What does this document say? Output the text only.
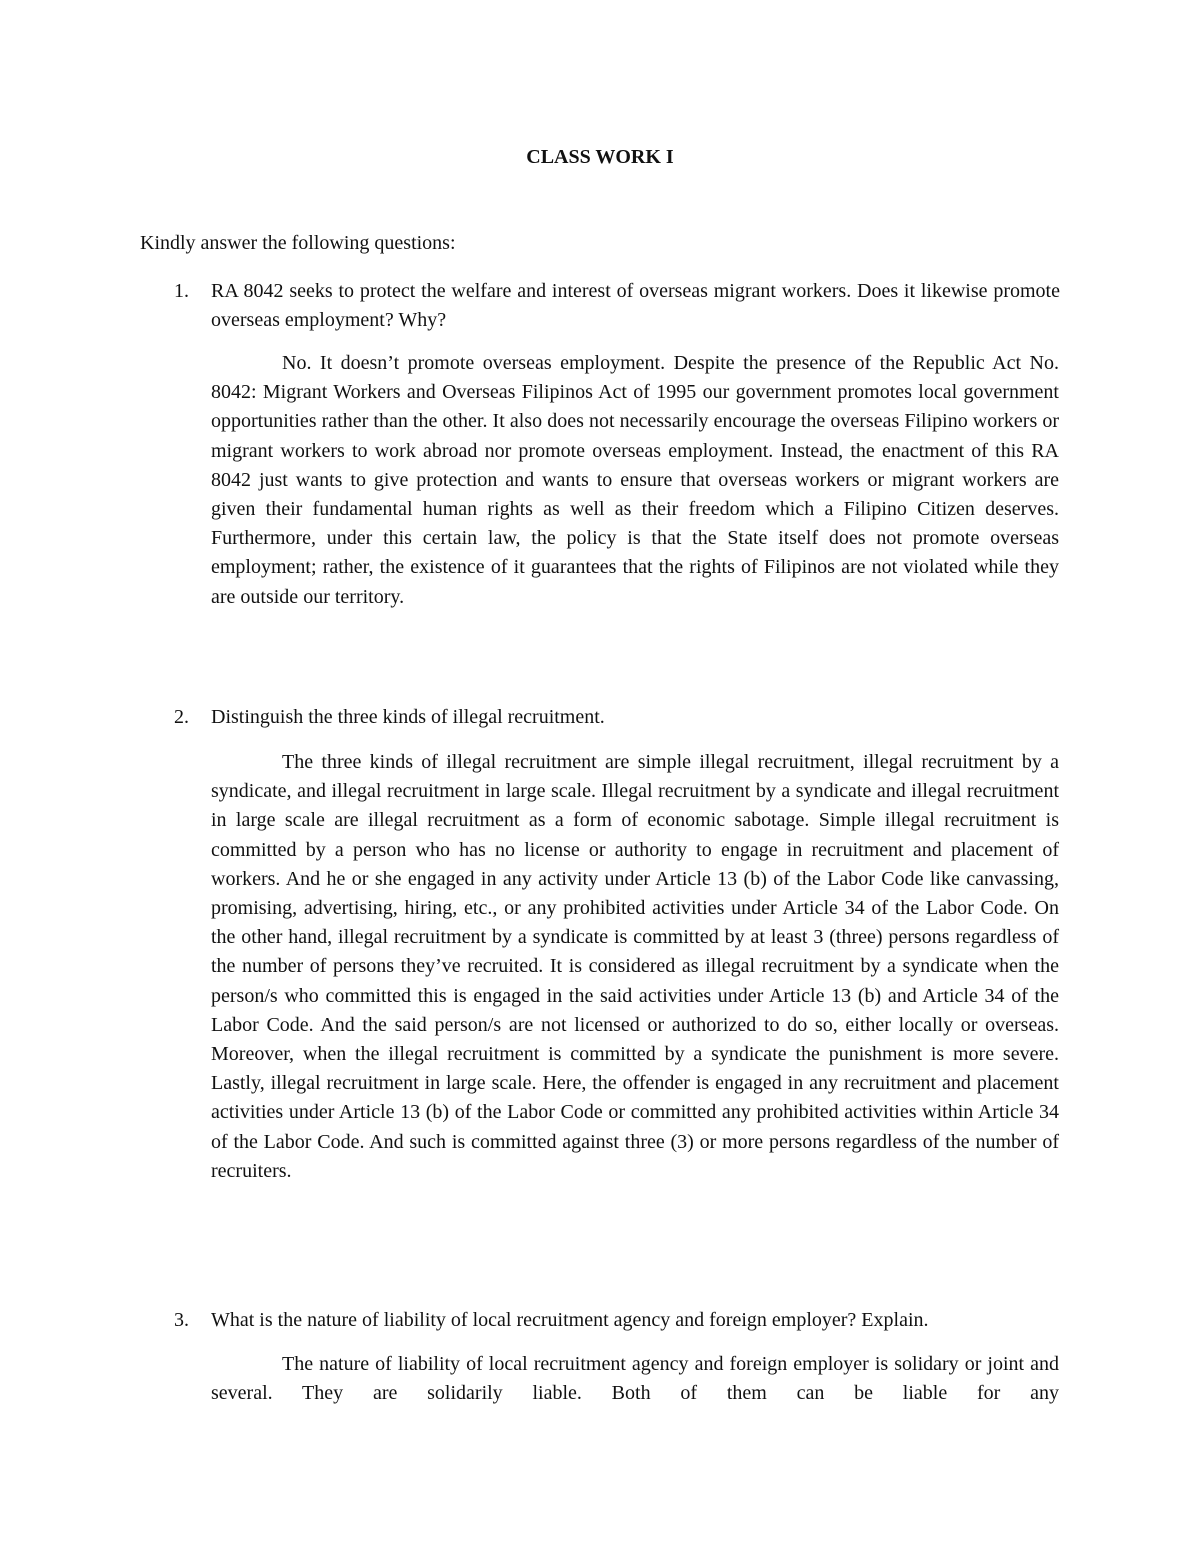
CLASS WORK I
Kindly answer the following questions:
1. RA 8042 seeks to protect the welfare and interest of overseas migrant workers. Does it likewise promote overseas employment? Why?
No. It doesn’t promote overseas employment. Despite the presence of the Republic Act No. 8042: Migrant Workers and Overseas Filipinos Act of 1995 our government promotes local government opportunities rather than the other. It also does not necessarily encourage the overseas Filipino workers or migrant workers to work abroad nor promote overseas employment. Instead, the enactment of this RA 8042 just wants to give protection and wants to ensure that overseas workers or migrant workers are given their fundamental human rights as well as their freedom which a Filipino Citizen deserves. Furthermore, under this certain law, the policy is that the State itself does not promote overseas employment; rather, the existence of it guarantees that the rights of Filipinos are not violated while they are outside our territory.
2. Distinguish the three kinds of illegal recruitment.
The three kinds of illegal recruitment are simple illegal recruitment, illegal recruitment by a syndicate, and illegal recruitment in large scale. Illegal recruitment by a syndicate and illegal recruitment in large scale are illegal recruitment as a form of economic sabotage. Simple illegal recruitment is committed by a person who has no license or authority to engage in recruitment and placement of workers. And he or she engaged in any activity under Article 13 (b) of the Labor Code like canvassing, promising, advertising, hiring, etc., or any prohibited activities under Article 34 of the Labor Code. On the other hand, illegal recruitment by a syndicate is committed by at least 3 (three) persons regardless of the number of persons they’ve recruited. It is considered as illegal recruitment by a syndicate when the person/s who committed this is engaged in the said activities under Article 13 (b) and Article 34 of the Labor Code. And the said person/s are not licensed or authorized to do so, either locally or overseas. Moreover, when the illegal recruitment is committed by a syndicate the punishment is more severe. Lastly, illegal recruitment in large scale. Here, the offender is engaged in any recruitment and placement activities under Article 13 (b) of the Labor Code or committed any prohibited activities within Article 34 of the Labor Code. And such is committed against three (3) or more persons regardless of the number of recruiters.
3. What is the nature of liability of local recruitment agency and foreign employer? Explain.
The nature of liability of local recruitment agency and foreign employer is solidary or joint and several. They are solidarily liable. Both of them can be liable for any
